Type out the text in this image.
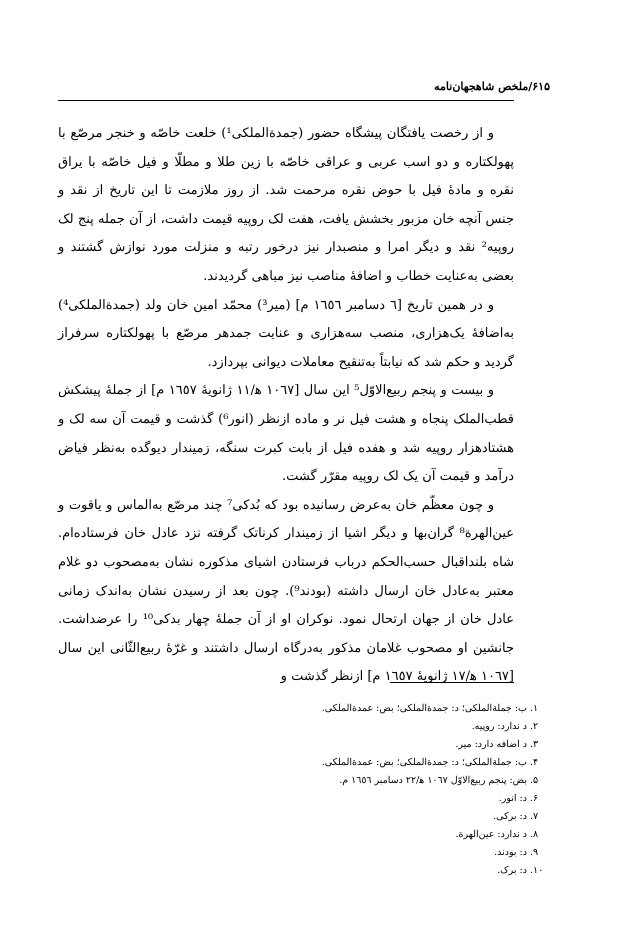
۶۱۵/ملخص شاهجهان‌نامه

و از رخصت یافتگان پیشگاه حضور (جمدةالملکی¹) خلعت خاصّه و خنجر مرصّع با پهولکتاره و دو اسب عربی و عراقی خاصّه با زین طلا و مطلّا و فیل خاصّه با یراق نقره و مادهٔ فیل با حوض نقره مرحمت شد. از روز ملازمت تا این تاریخ از نقد و جنس آنچه خان مزبور بخشش یافت، هفت لک روپیه قیمت داشت، از آن جمله پنج لک روپیه² نقد و دیگر امرا و منصبدار نیز درخور رتبه و منزلت مورد نوازش گشتند و بعضی به‌عنایت خطاب و اضافهٔ مناصب نیز مباهی گردیدند.

و در همین تاریخ [٦ دسامبر ١٦٥٦ م] (میر³) محمّد امین خان ولد (جمدةالملکی⁴) به‌اضافهٔ یک‌هزاری، منصب سه‌هزاری و عنایت جمدهر مرصّع با پهولکتاره سرفراز گردید و حکم شد که نیابتاً به‌تنقیح معاملات دیوانی بپردازد.

و بیست و پنجم ربیع‌الاوّل⁵ این سال [١٠٦٧ ﻫ/١١ ژانویهٔ ١٦٥٧ م] از جملهٔ پیشکش قطب‌الملک پنجاه و هشت فیل نر و ماده ازنظر (انور⁶) گذشت و قیمت آن سه لک و هشتادهزار روپیه شد و هفده فیل از بابت کبرت سنگه، زمیندار دیوگده به‌نظر فیاض درآمد و قیمت آن یک لک روپیه مقرّر گشت.

و چون معظّم خان به‌عرض رسانیده بود که بُدکی⁷ چند مرصّع به‌الماس و یاقوت و عین‌الهرة⁸ گران‌بها و دیگر اشیا از زمیندار کرناتک گرفته نزد عادل خان فرستاده‌ام. شاه بلنداقبال حسب‌الحکم درباب فرستادن اشیای مذکوره نشان به‌مصحوب دو غلام معتبر به‌عادل خان ارسال داشته (بودند⁹). چون بعد از رسیدن نشان به‌اندک زمانی عادل خان از جهان ارتحال نمود. نوکران او از آن جملهٔ چهار بدکی¹⁰ را عرضداشت. جانشین او مصحوب غلامان مذکور به‌درگاه ارسال داشتند و غرّهٔ ربیع‌الثّانی این سال [١٠٦٧ ﻫ/١٧ ژانویهٔ ١٦٥٧ م] ازنظر گذشت و

۱. ب: جملةالملکی؛ د: جمدةالملکی؛ بض: عمدةالملکی.
۲. د ندارد: روپیه.
۳. د اضافه دارد: میر.
۴. ب: جملةالملکی؛ د: جمدةالملکی؛ بض: عمدةالملکی.
۵. بض: پنجم ربیع‌الاوّل ١٠٦٧ ﻫ/٢٢ دسامبر ١٦٥٦ م.
۶. د: انور.
۷. د: برکی.
۸. د ندارد: عین‌الهرة.
۹. د: بودند.
۱۰. د: برک.
